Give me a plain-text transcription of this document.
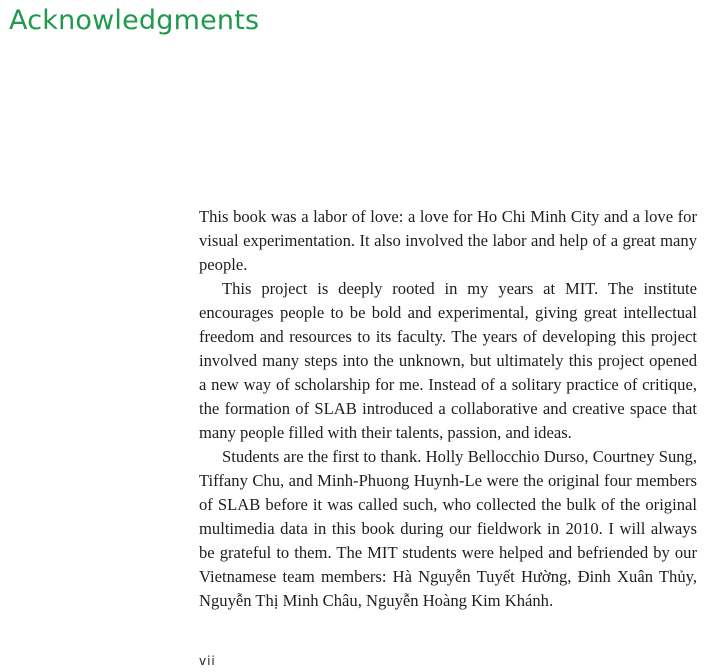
Acknowledgments

This book was a labor of love: a love for Ho Chi Minh City and a love for visual experimentation. It also involved the labor and help of a great many people.

This project is deeply rooted in my years at MIT. The institute encourages people to be bold and experimental, giving great intellectual freedom and resources to its faculty. The years of developing this project involved many steps into the unknown, but ultimately this project opened a new way of scholarship for me. Instead of a solitary practice of critique, the formation of SLAB introduced a collaborative and creative space that many people filled with their talents, passion, and ideas.

Students are the first to thank. Holly Bellocchio Durso, Courtney Sung, Tiffany Chu, and Minh-Phuong Huynh-Le were the original four members of SLAB before it was called such, who collected the bulk of the original multimedia data in this book during our fieldwork in 2010. I will always be grateful to them. The MIT students were helped and befriended by our Vietnamese team members: Hà Nguyễn Tuyết Hường, Đinh Xuân Thủy, Nguyễn Thị Minh Châu, Nguyễn Hoàng Kim Khánh.

vii
